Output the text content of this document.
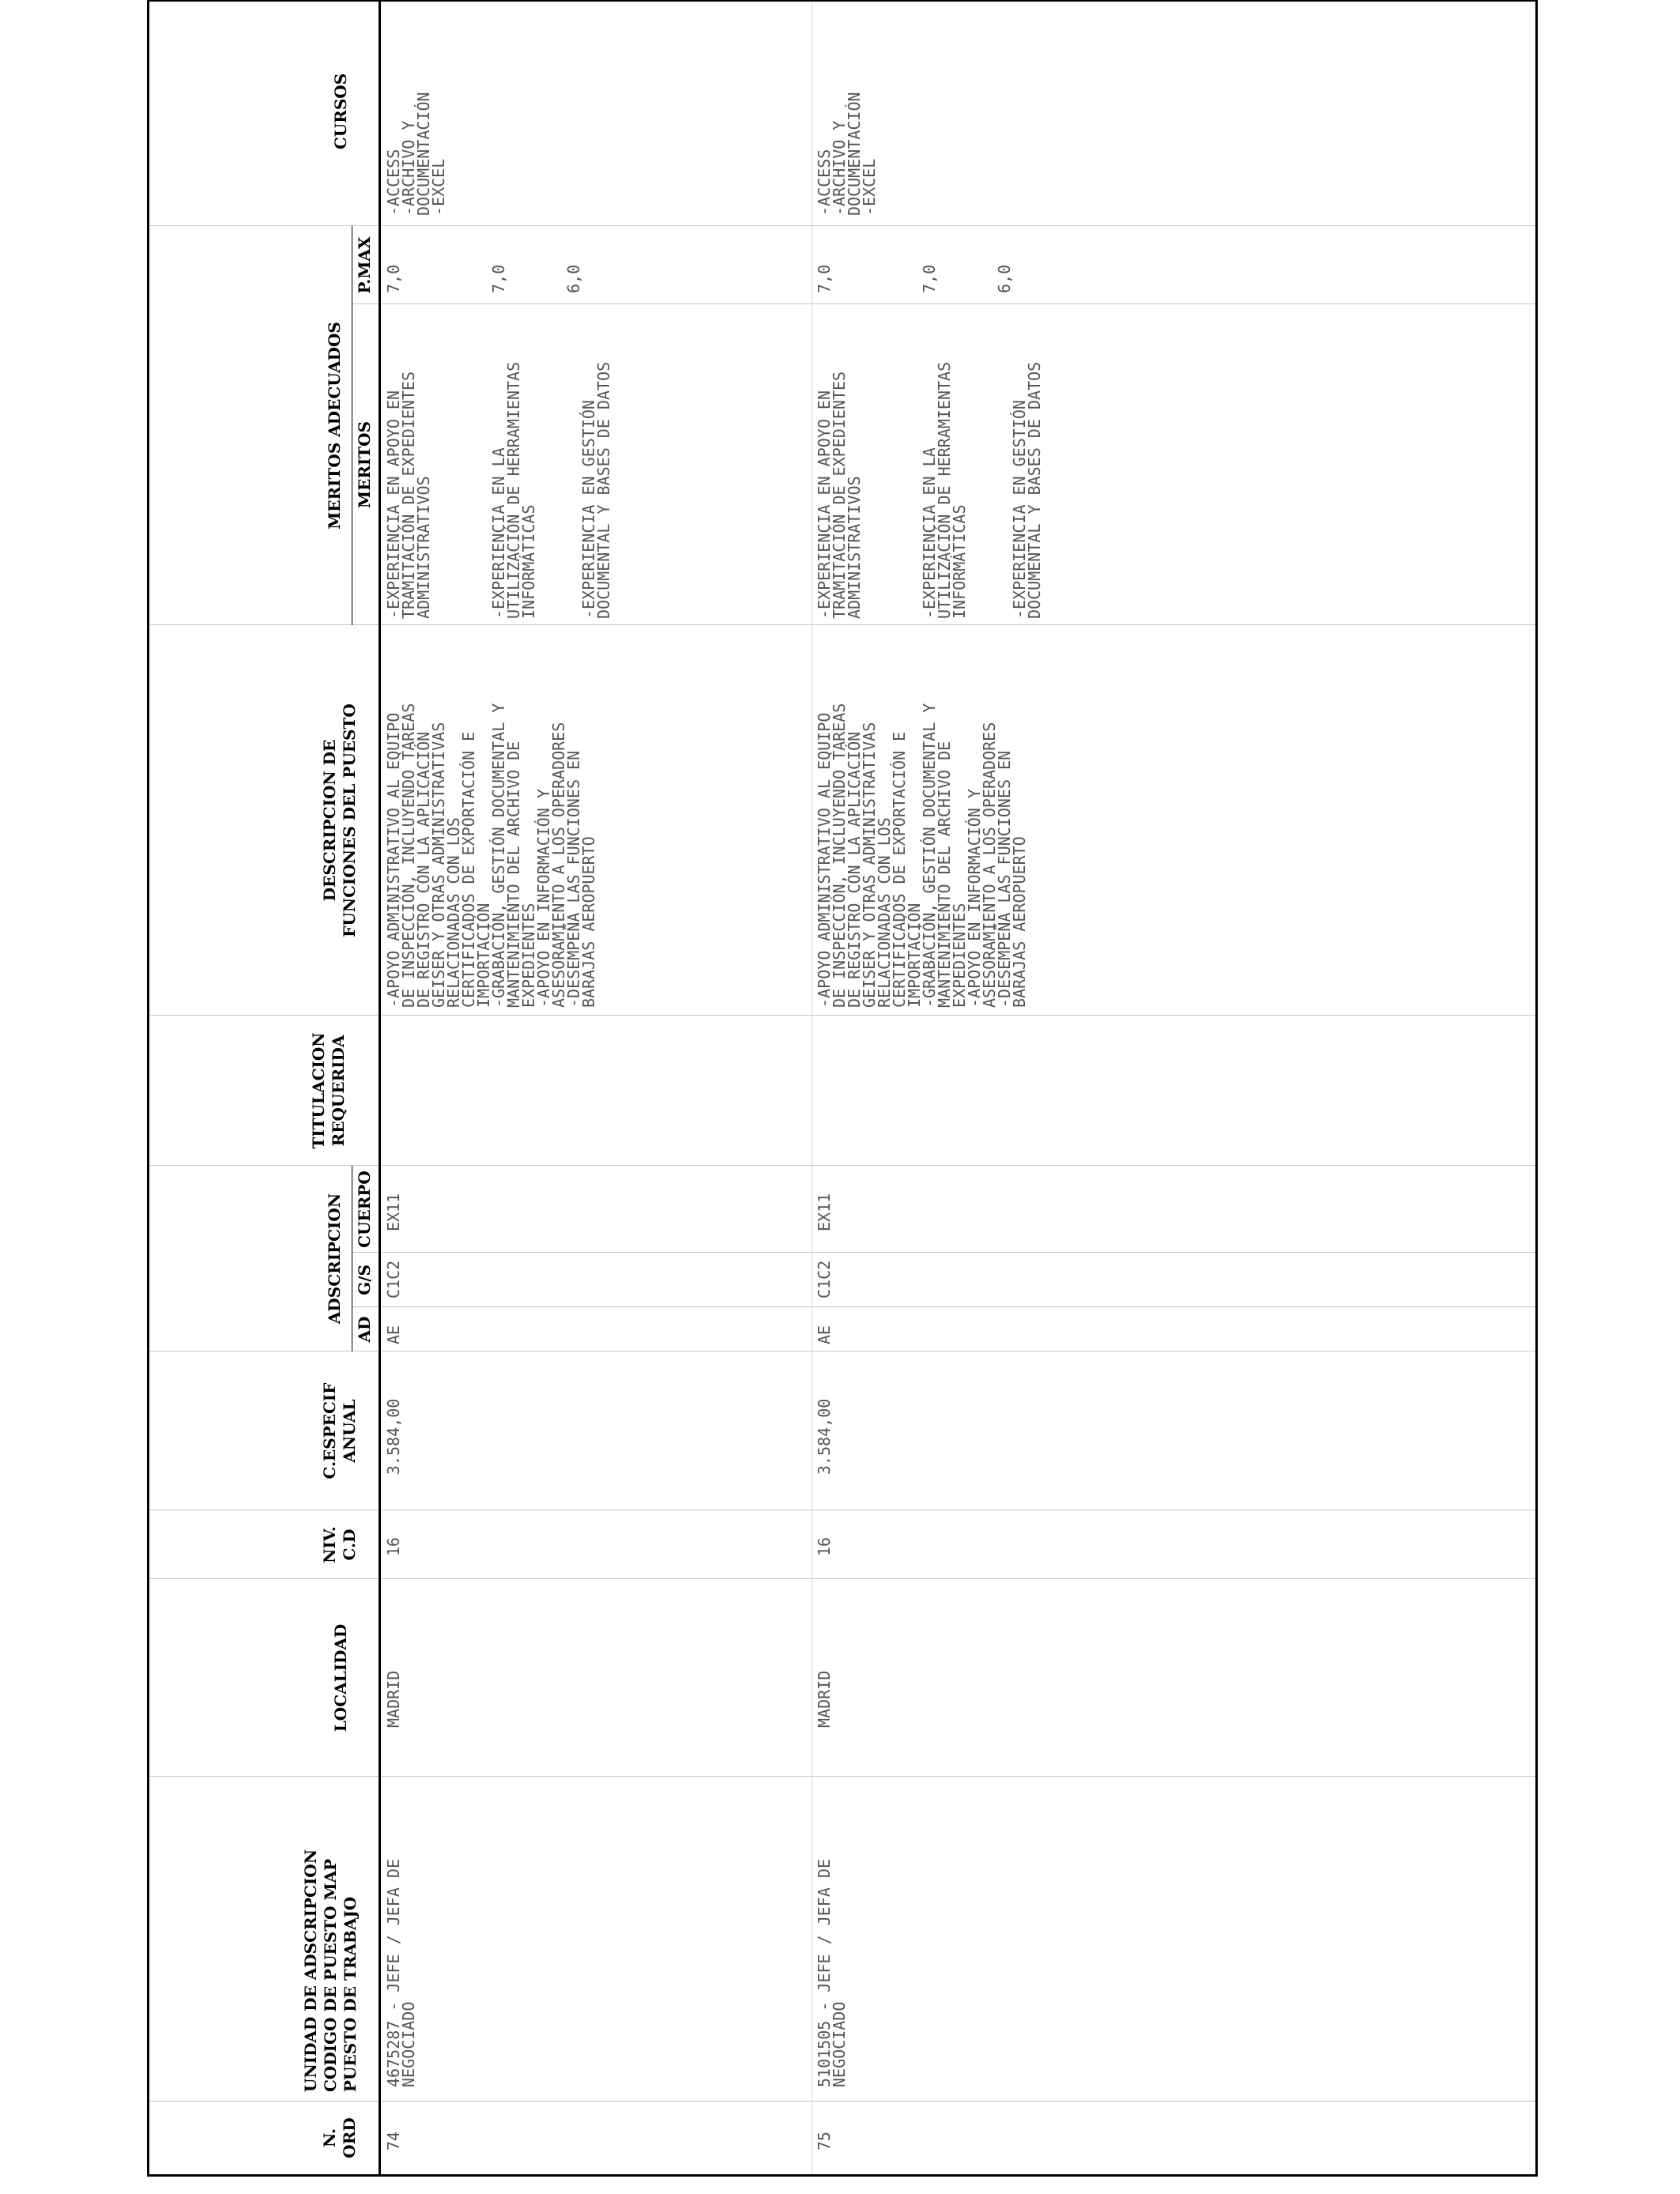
N. ORD
UNIDAD DE ADSCRIPCION CODIGO DE PUESTO MAP PUESTO DE TRABAJO
LOCALIDAD
NIV. C.D
C.ESPECIF ANUAL
ADSCRIPCION
AD
G/S
CUERPO
TITULACION REQUERIDA
DESCRIPCION DE FUNCIONES DEL PUESTO
MERITOS ADECUADOS MERITOS
P.MAX
CURSOS
74
4675287 - JEFE / JEFA DE
NEGOCIADO
MADRID
16
3.584,00
AE
C1C2
EX11
-APOYO ADMINISTRATIVO AL EQUIPO
DE INSPECCIÓN, INCLUYENDO TAREAS
DE REGISTRO CON LA APLICACIÓN
GEISER Y OTRAS ADMINISTRATIVAS
RELACIONADAS CON LOS
CERTIFICADOS DE EXPORTACIÓN E
IMPORTACIÓN
-GRABACIÓN, GESTIÓN DOCUMENTAL Y
MANTENIMIENTO DEL ARCHIVO DE
EXPEDIENTES
-APOYO EN INFORMACIÓN Y
ASESORAMIENTO A LOS OPERADORES
-DESEMPEÑA LAS FUNCIONES EN
BARAJAS AEROPUERTO
-EXPERIENCIA EN APOYO EN
TRAMITACIÓN DE EXPEDIENTES
ADMINISTRATIVOS

-EXPERIENCIA EN LA
UTILIZACIÓN DE HERRAMIENTAS
INFORMÁTICAS

-EXPERIENCIA EN GESTIÓN
DOCUMENTAL Y BASES DE DATOS
7,0

7,0

6,0
-ACCESS
-ARCHIVO Y
DOCUMENTACIÓN
-EXCEL
75
5101505 - JEFE / JEFA DE
NEGOCIADO
MADRID
16
3.584,00
AE
C1C2
EX11
-APOYO ADMINISTRATIVO AL EQUIPO
DE INSPECCIÓN, INCLUYENDO TAREAS
DE REGISTRO CON LA APLICACIÓN
GEISER Y OTRAS ADMINISTRATIVAS
RELACIONADAS CON LOS
CERTIFICADOS DE EXPORTACIÓN E
IMPORTACIÓN
-GRABACIÓN, GESTIÓN DOCUMENTAL Y
MANTENIMIENTO DEL ARCHIVO DE
EXPEDIENTES
-APOYO EN INFORMACIÓN Y
ASESORAMIENTO A LOS OPERADORES
-DESEMPEÑA LAS FUNCIONES EN
BARAJAS AEROPUERTO
-EXPERIENCIA EN APOYO EN
TRAMITACIÓN DE EXPEDIENTES
ADMINISTRATIVOS

-EXPERIENCIA EN LA
UTILIZACIÓN DE HERRAMIENTAS
INFORMÁTICAS

-EXPERIENCIA EN GESTIÓN
DOCUMENTAL Y BASES DE DATOS
7,0

7,0

6,0
-ACCESS
-ARCHIVO Y
DOCUMENTACIÓN
-EXCEL
